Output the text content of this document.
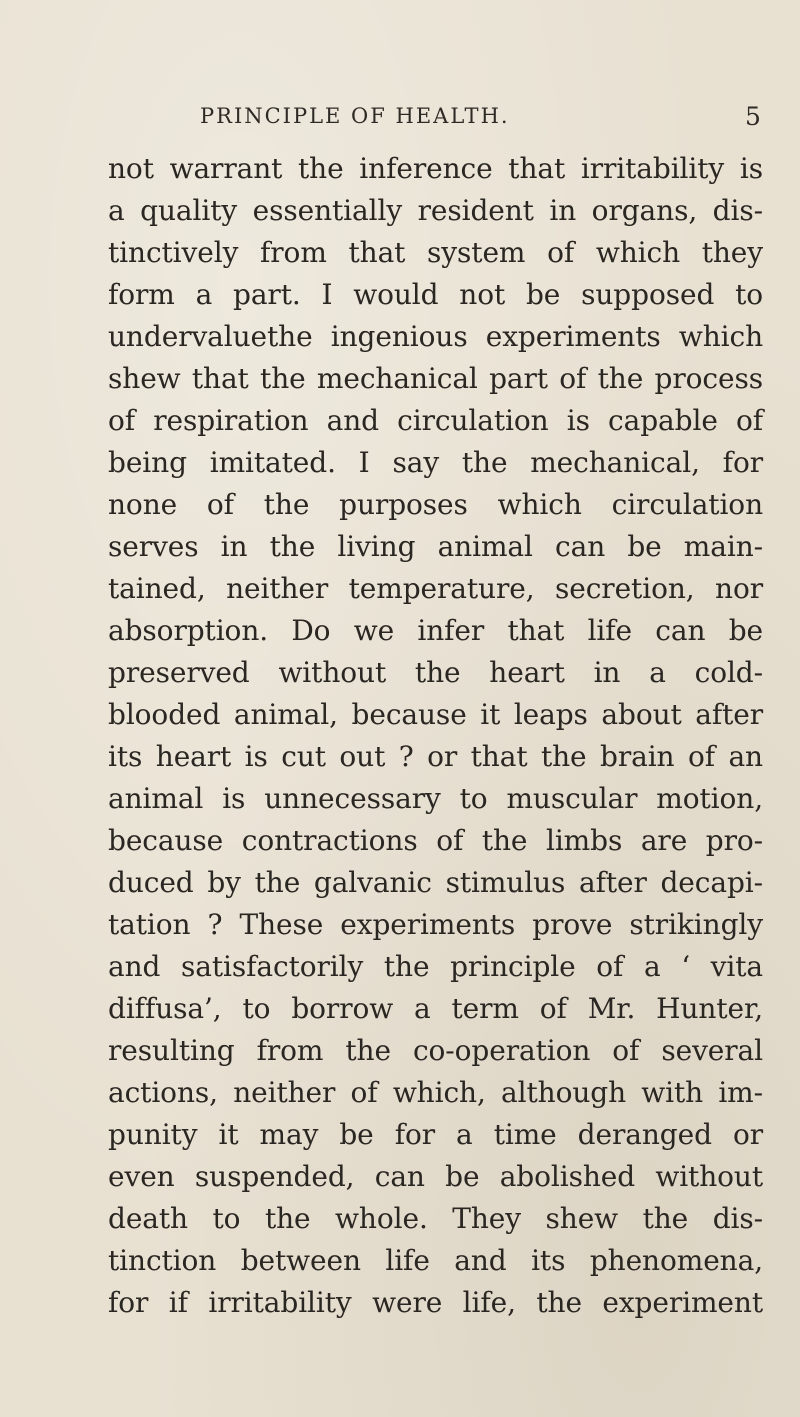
PRINCIPLE OF HEALTH.	5
not warrant the inference that irritability is
a quality essentially resident in organs, dis-
tinctively from that system of which they
form a part. I would not be supposed to
undervaluethe ingenious experiments which
shew that the mechanical part of the process
of respiration and circulation is capable of
being imitated. I say the mechanical, for
none of the purposes which circulation
serves in the living animal can be main-
tained, neither temperature, secretion, nor
absorption. Do we infer that life can be
preserved without the heart in a cold-
blooded animal, because it leaps about after
its heart is cut out ? or that the brain of an
animal is unnecessary to muscular motion,
because contractions of the limbs are pro-
duced by the galvanic stimulus after decapi-
tation ? These experiments prove strikingly
and satisfactorily the principle of a ‘ vita
diffusa’, to borrow a term of Mr. Hunter,
resulting from the co-operation of several
actions, neither of which, although with im-
punity it may be for a time deranged or
even suspended, can be abolished without
death to the whole. They shew the dis-
tinction between life and its phenomena,
for if irritability were life, the experiment
